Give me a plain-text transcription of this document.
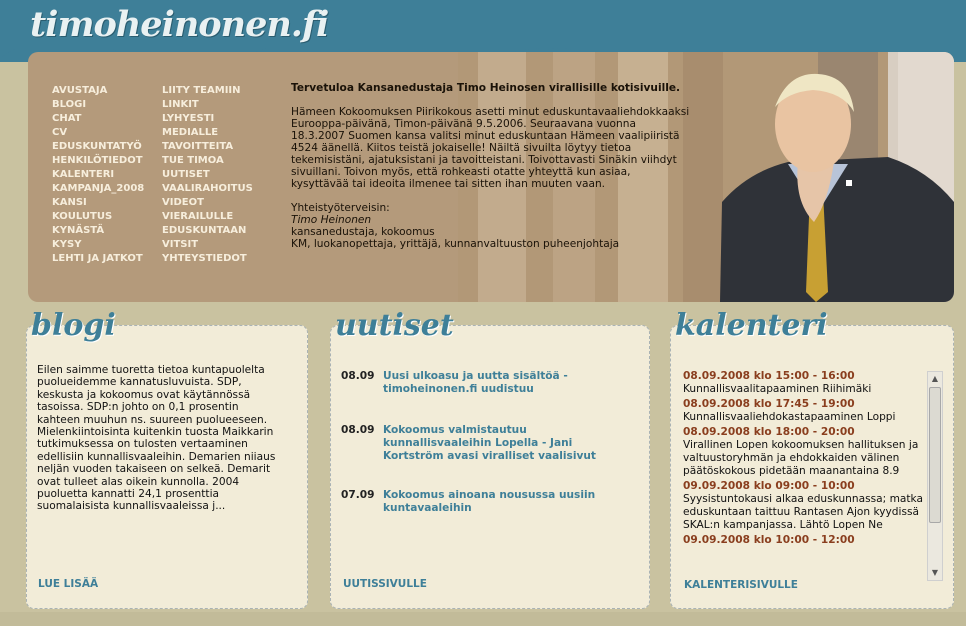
timoheinonen.fi
AVUSTAJA
BLOGI
CHAT
CV
EDUSKUNTATYÖ
HENKILÖTIEDOT
KALENTERI
KAMPANJA_2008
KANSI
KOULUTUS
KYNÄSTÄ
KYSY
LEHTI JA JATKOT
LIITY TEAMIIN
LINKIT
LYHYESTI
MEDIALLE
TAVOITTEITA
TUE TIMOA
UUTISET
VAALIRAHOITUS
VIDEOT
VIERAILULLE
EDUSKUNTAAN
VITSIT
YHTEYSTIEDOT

Tervetuloa Kansanedustaja Timo Heinosen virallisille kotisivuille.

Hämeen Kokoomuksen Piirikokous asetti minut eduskuntavaaliehdokkaaksi Eurooppa-päivänä, Timon-päivänä 9.5.2006. Seuraavana vuonna 18.3.2007 Suomen kansa valitsi minut eduskuntaan Hämeen vaalipiiristä 4524 äänellä. Kiitos teistä jokaiselle! Näiltä sivuilta löytyy tietoa tekemisistäni, ajatuksistani ja tavoitteistani. Toivottavasti Sinäkin viihdyt sivuillani. Toivon myös, että rohkeasti otatte yhteyttä kun asiaa, kysyttävää tai ideoita ilmenee tai sitten ihan muuten vaan.

Yhteistyöterveisin:
Timo Heinonen
kansanedustaja, kokoomus
KM, luokanopettaja, yrittäjä, kunnanvaltuuston puheenjohtaja
blogi
Eilen saimme tuoretta tietoa kuntapuolelta puolueidemme kannatusluvuista. SDP, keskusta ja kokoomus ovat käytännössä tasoissa. SDP:n johto on 0,1 prosentin kahteen muuhun ns. suureen puolueeseen. Mielenkiintoisinta kuitenkin tuosta Maikkarin tutkimuksessa on tulosten vertaaminen edellisiin kunnallisvaaleihin. Demarien niiaus neljän vuoden takaiseen on selkeä. Demarit ovat tulleet alas oikein kunnolla. 2004 puoluetta kannatti 24,1 prosenttia suomalaisista kunnallisvaaleissa j...
LUE LISÄÄ
uutiset
08.09 Uusi ulkoasu ja uutta sisältöä - timoheinonen.fi uudistuu
08.09 Kokoomus valmistautuu kunnallisvaaleihin Lopella - Jani Kortström avasi viralliset vaalisivut
07.09 Kokoomus ainoana nousussa uusiin kuntavaaleihin
UUTISSIVULLE
kalenteri
08.09.2008 klo 15:00 - 16:00
Kunnallisvaalitapaaminen Riihimäki
08.09.2008 klo 17:45 - 19:00
Kunnallisvaaliehdokastapaaminen Loppi
08.09.2008 klo 18:00 - 20:00
Virallinen Lopen kokoomuksen hallituksen ja valtuustoryhmän ja ehdokkaiden välinen päätöskokous pidetään maanantaina 8.9
09.09.2008 klo 09:00 - 10:00
Syysistuntokausi alkaa eduskunnassa; matka eduskuntaan taittuu Rantasen Ajon kyydissä SKAL:n kampanjassa. Lähtö Lopen Ne
09.09.2008 klo 10:00 - 12:00
▲
▼
KALENTERISIVULLE
